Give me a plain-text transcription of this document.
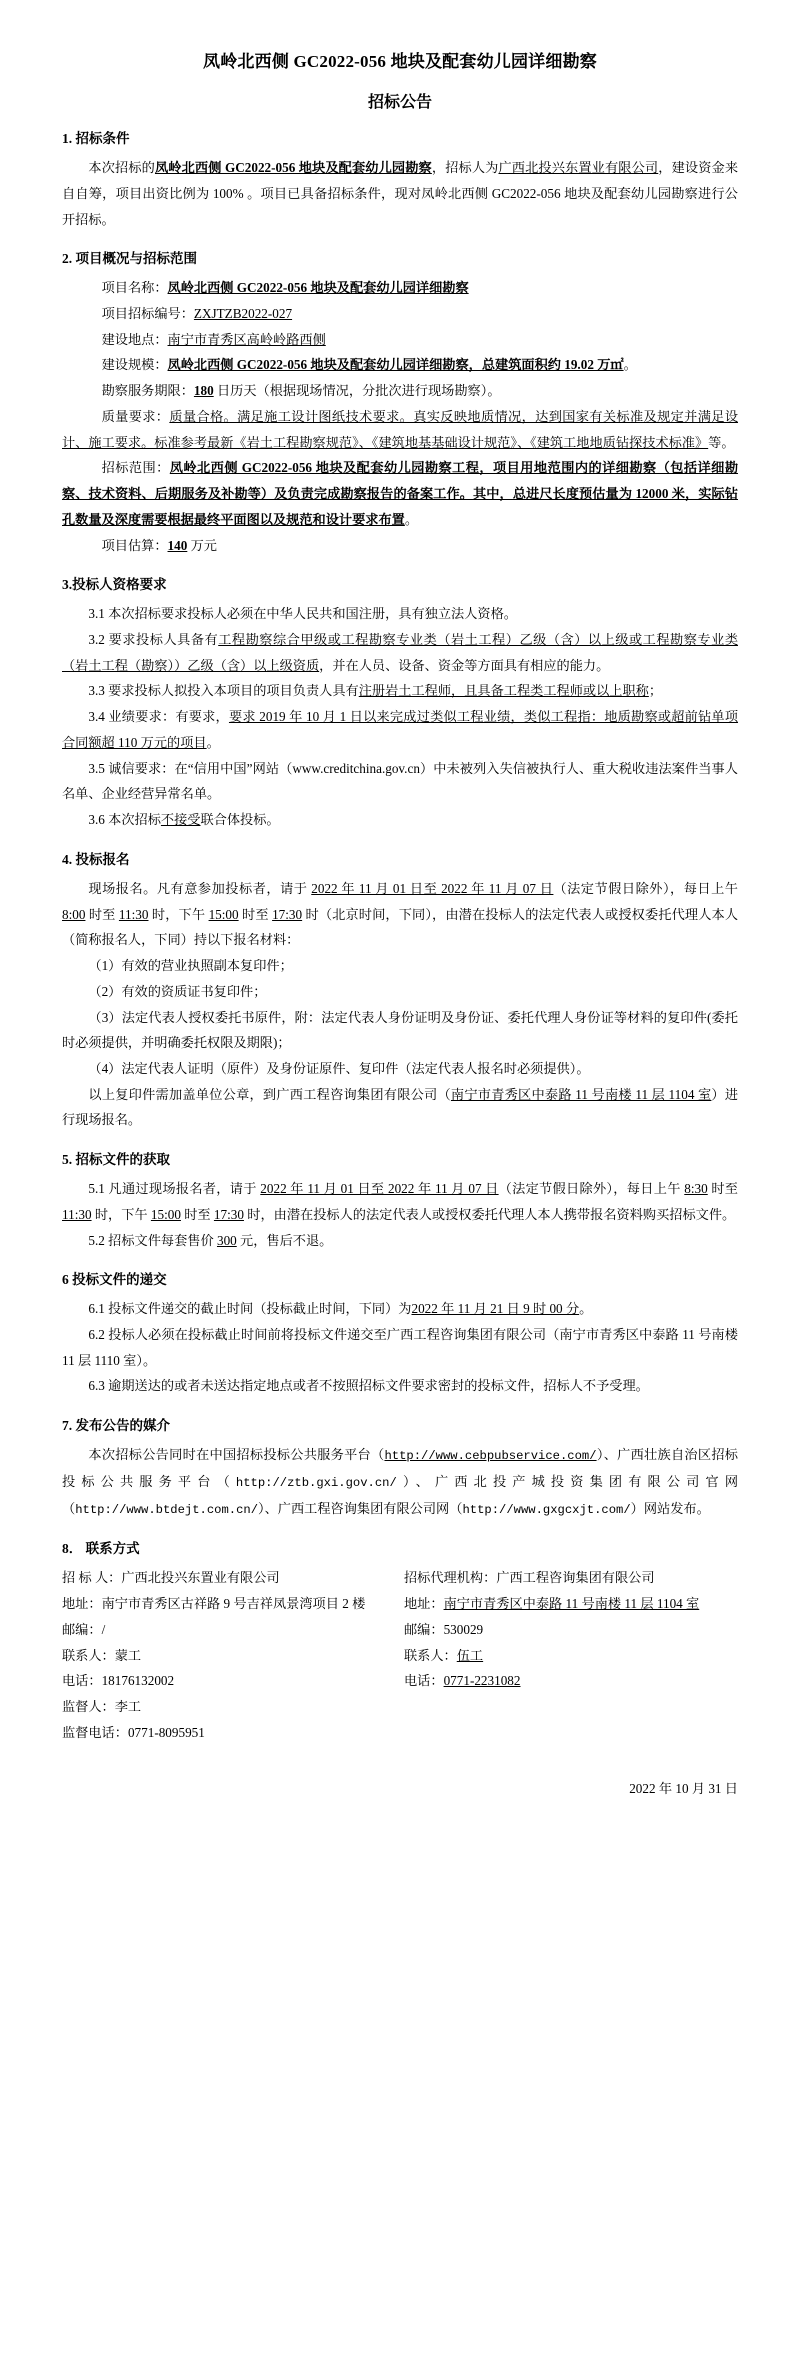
凤岭北西侧 GC2022-056 地块及配套幼儿园详细勘察
招标公告
1. 招标条件

本次招标的凤岭北西侧 GC2022-056 地块及配套幼儿园勘察，招标人为广西北投兴东置业有限公司，建设资金来自自筹，项目出资比例为 100% 。项目已具备招标条件，现对凤岭北西侧 GC2022-056 地块及配套幼儿园勘察进行公开招标。

2. 项目概况与招标范围

项目名称：凤岭北西侧 GC2022-056 地块及配套幼儿园详细勘察

项目招标编号：ZXJTZB2022-027

建设地点：南宁市青秀区高岭岭路西侧

建设规模：凤岭北西侧 GC2022-056 地块及配套幼儿园详细勘察，总建筑面积约 19.02 万㎡。

勘察服务期限：180 日历天（根据现场情况，分批次进行现场勘察）。

质量要求：质量合格。满足施工设计图纸技术要求。真实反映地质情况，达到国家有关标准及规定并满足设计、施工要求。标准参考最新《岩土工程勘察规范》、《建筑地基基础设计规范》、《建筑工地地质钻探技术标准》等。

招标范围：凤岭北西侧 GC2022-056 地块及配套幼儿园勘察工程，项目用地范围内的详细勘察（包括详细勘察、技术资料、后期服务及补勘等）及负责完成勘察报告的备案工作。其中，总进尺长度预估量为 12000 米，实际钻孔数量及深度需要根据最终平面图以及规范和设计要求布置。

项目估算：140 万元

3.投标人资格要求

3.1 本次招标要求投标人必须在中华人民共和国注册，具有独立法人资格。

3.2 要求投标人具备有工程勘察综合甲级或工程勘察专业类（岩土工程）乙级（含）以上级或工程勘察专业类（岩土工程（勘察））乙级（含）以上级资质，并在人员、设备、资金等方面具有相应的能力。

3.3 要求投标人拟投入本项目的项目负责人具有注册岩土工程师，且具备工程类工程师或以上职称；

3.4 业绩要求：有要求，要求 2019 年 10 月 1 日以来完成过类似工程业绩，类似工程指：地质勘察或超前钻单项合同额超 110 万元的项目。

3.5 诚信要求：在“信用中国”网站（www.creditchina.gov.cn）中未被列入失信被执行人、重大税收违法案件当事人名单、企业经营异常名单。

3.6 本次招标不接受联合体投标。

4. 投标报名

现场报名。凡有意参加投标者，请于 2022 年 11 月 01 日至 2022 年 11 月 07 日（法定节假日除外），每日上午 8:00 时至 11:30 时，下午 15:00 时至 17:30 时（北京时间，下同），由潜在投标人的法定代表人或授权委托代理人本人（简称报名人，下同）持以下报名材料：

（1）有效的营业执照副本复印件；

（2）有效的资质证书复印件；

（3）法定代表人授权委托书原件，附：法定代表人身份证明及身份证、委托代理人身份证等材料的复印件(委托时必须提供，并明确委托权限及期限)；

（4）法定代表人证明（原件）及身份证原件、复印件（法定代表人报名时必须提供）。

以上复印件需加盖单位公章，到广西工程咨询集团有限公司（南宁市青秀区中泰路 11 号南楼 11 层 1104 室）进行现场报名。

5. 招标文件的获取

5.1 凡通过现场报名者，请于 2022 年 11 月 01 日至 2022 年 11 月 07 日（法定节假日除外），每日上午 8:30 时至 11:30 时，下午 15:00 时至 17:30 时，由潜在投标人的法定代表人或授权委托代理人本人携带报名资料购买招标文件。

5.2 招标文件每套售价 300 元，售后不退。

6 投标文件的递交

6.1 投标文件递交的截止时间（投标截止时间，下同）为2022 年 11 月 21 日 9 时 00 分。

6.2 投标人必须在投标截止时间前将投标文件递交至广西工程咨询集团有限公司（南宁市青秀区中泰路 11 号南楼 11 层 1110 室）。

6.3 逾期送达的或者未送达指定地点或者不按照招标文件要求密封的投标文件，招标人不予受理。

7. 发布公告的媒介

本次招标公告同时在中国招标投标公共服务平台（http://www.cebpubservice.com/）、广西壮族自治区招标投标公共服务平台（http://ztb.gxi.gov.cn/）、广西北投产城投资集团有限公司官网（http://www.btdejt.com.cn/）、广西工程咨询集团有限公司网（http://www.gxgcxjt.com/）网站发布。

8． 联系方式
招 标 人： 广西北投兴东置业有限公司
地址： 南宁市青秀区古祥路 9 号吉祥凤景湾项目 2 楼
邮编： /
联系人： 蒙工
电话： 18176132002
监督人： 李工
监督电话： 0771-8095951
招标代理机构： 广西工程咨询集团有限公司
地址： 南宁市青秀区中泰路 11 号南楼 11 层 1104 室
邮编： 530029
联系人： 伍工
电话： 0771-2231082
2022 年 10 月 31 日
